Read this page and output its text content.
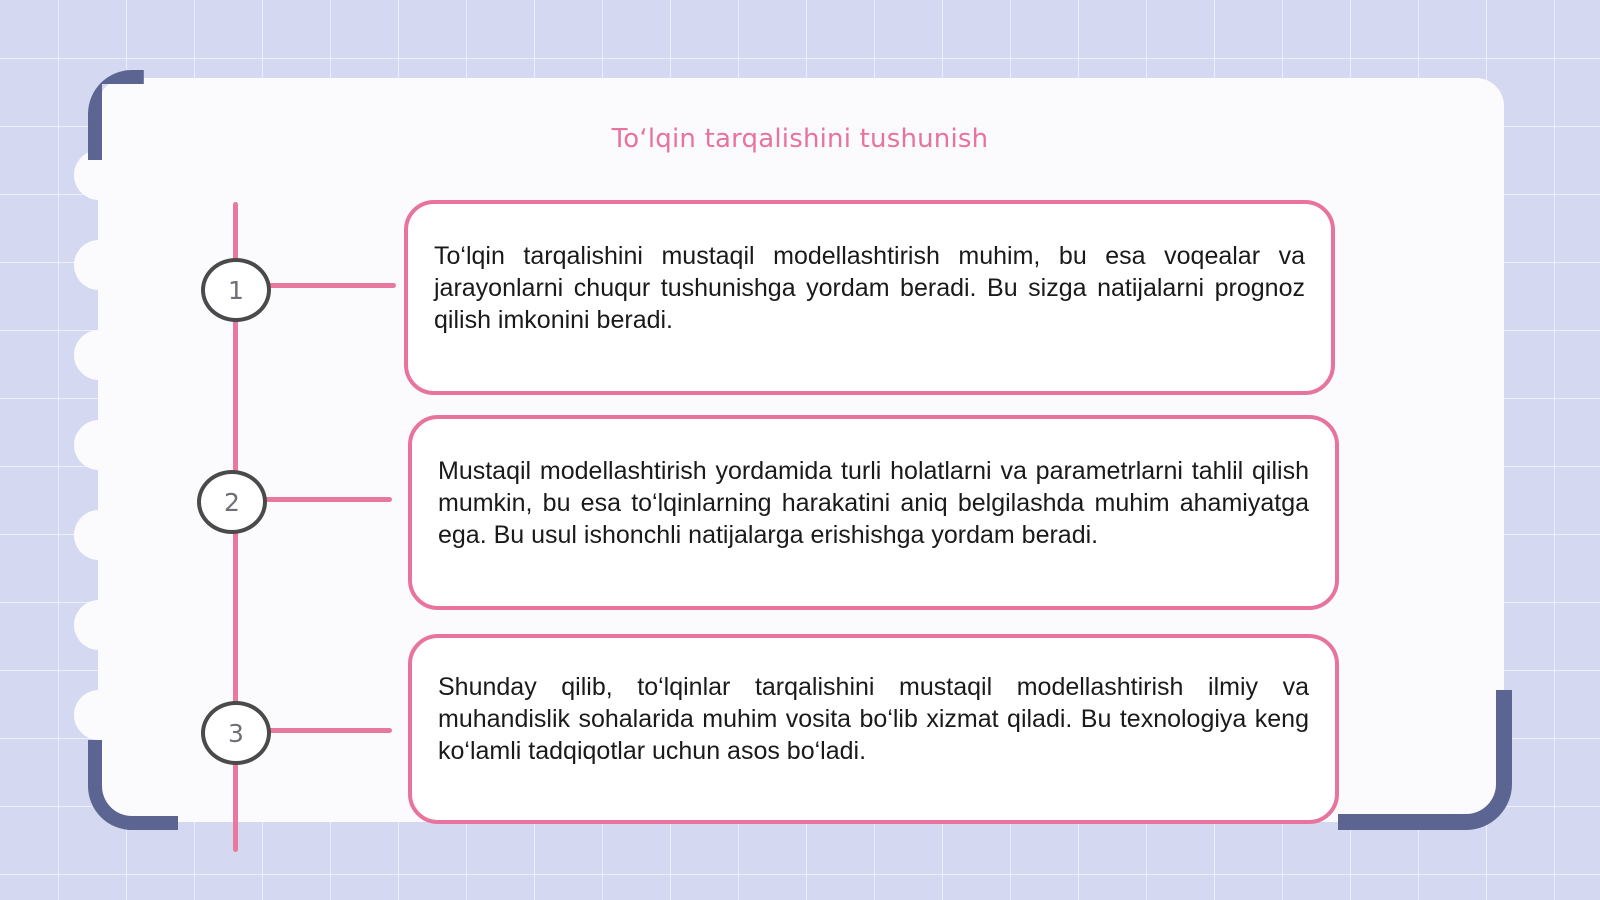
Toʻlqin tarqalishini tushunish
1
2
3

To‘lqin tarqalishini mustaqil modellashtirish muhim, bu esa voqealar va jarayonlarni chuqur tushunishga yordam beradi. Bu sizga natijalarni prognoz qilish imkonini beradi.

Mustaqil modellashtirish yordamida turli holatlarni va parametrlarni tahlil qilish mumkin, bu esa to‘lqinlarning harakatini aniq belgilashda muhim ahamiyatga ega. Bu usul ishonchli natijalarga erishishga yordam beradi.

Shunday qilib, to‘lqinlar tarqalishini mustaqil modellashtirish ilmiy va muhandislik sohalarida muhim vosita bo‘lib xizmat qiladi. Bu texnologiya keng ko‘lamli tadqiqotlar uchun asos bo‘ladi.
